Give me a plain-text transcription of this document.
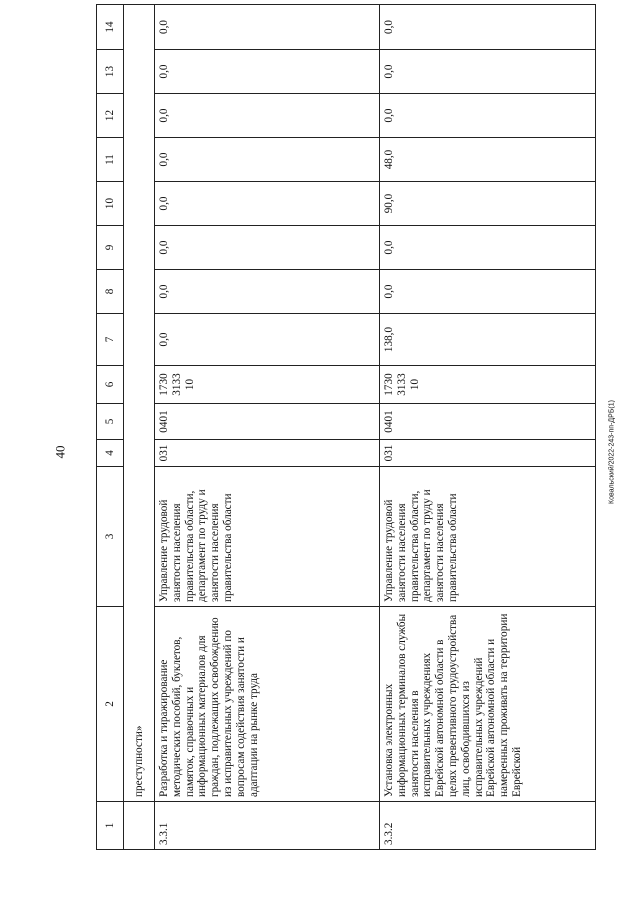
40	Ковальский/2022-243-пп-ДРБ(1)
1	2	3	4	5	6	7	8	9	10	11	12	13	14
	преступности»												
3.3.1	Разработка и тиражирование методических пособий, буклетов, памяток, справочных и информационных материалов для граждан, подлежащих освобождению из исправительных учреждений по вопросам содействия занятости и адаптации на рынке труда	Управление трудовой занятости населения правительства области, департамент по труду и занятости населения правительства области	031	0401	1730 3133 10	0,0	0,0	0,0	0,0	0,0	0,0	0,0	0,0
3.3.2	Установка электронных информационных терминалов службы занятости населения в исправительных учреждениях Еврейской автономной области в целях превентивного трудоустройства лиц, освободившихся из исправительных учреждений Еврейской автономной области и намеренных проживать на территории Еврейской	Управление трудовой занятости населения правительства области, департамент по труду и занятости населения правительства области	031	0401	1730 3133 10	138,0	0,0	0,0	90,0	48,0	0,0	0,0	0,0
